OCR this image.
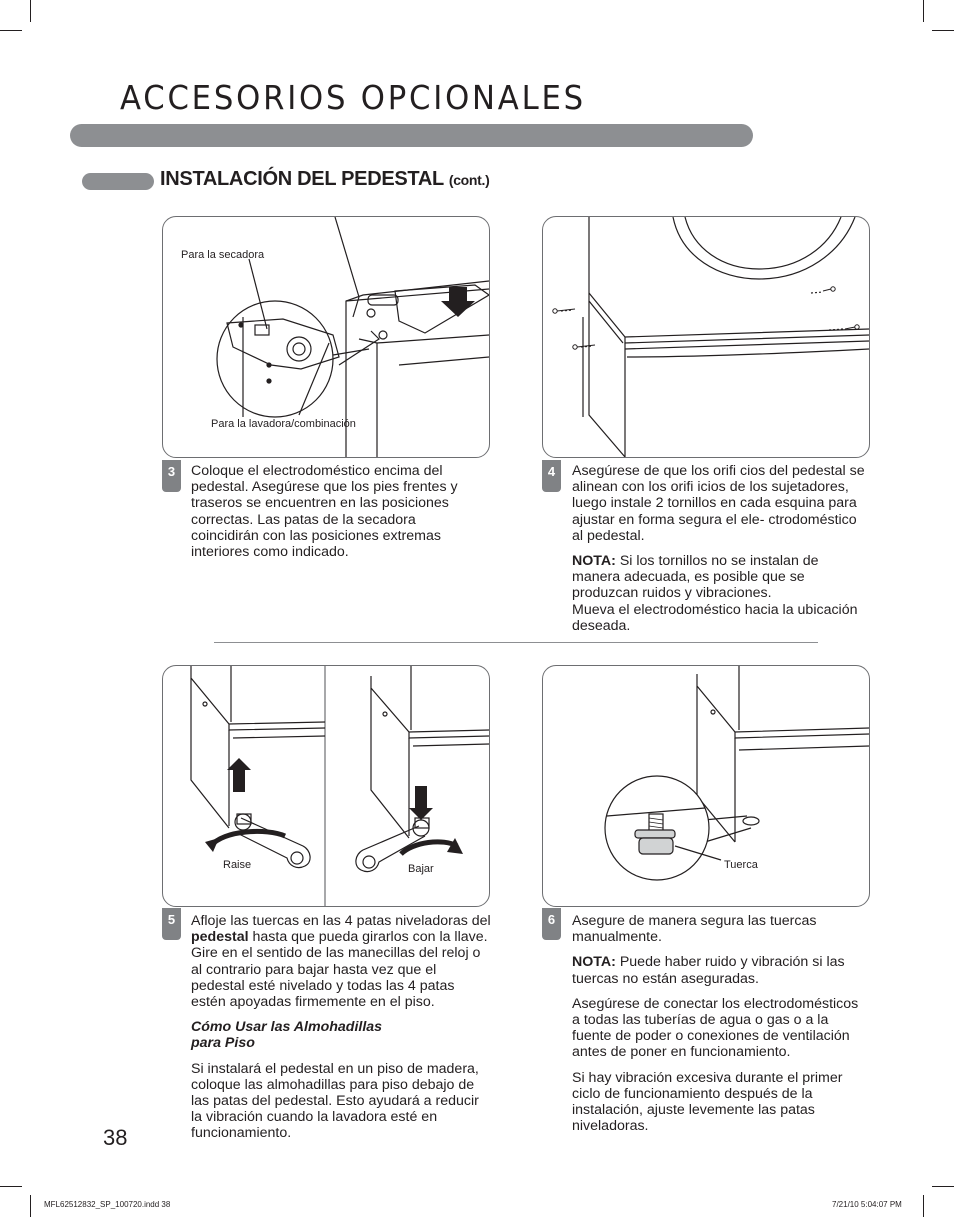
ACCESORIOS OPCIONALES
INSTALACIÓN DEL PEDESTAL (cont.)
Para la secadora
Para la lavadora/combinación
3	Coloque el electrodoméstico encima del pedestal. Asegúrese que los pies frentes y traseros se encuentren en las posiciones correctas. Las patas de la secadora coincidirán con las posiciones extremas interiores como indicado.

4	Asegúrese de que los orifi cios del pedestal se alinean con los orifi icios de los sujetadores, luego instale 2 tornillos en cada esquina para ajustar en forma segura el ele- ctrodoméstico al pedestal.

NOTA: Si los tornillos no se instalan de manera adecuada, es posible que se produzcan ruidos y vibraciones.

Mueva el electrodoméstico hacia la ubicación deseada.

Raise	Bajar
5	Afloje las tuercas en las 4 patas niveladoras del pedestal hasta que pueda girarlos con la llave. Gire en el sentido de las manecillas del reloj o al contrario para bajar hasta vez que el pedestal esté nivelado y todas las 4 patas estén apoyadas firmemente en el piso.

Cómo Usar las Almohadillas para Piso

Si instalará el pedestal en un piso de madera, coloque las almohadillas para piso debajo de las patas del pedestal. Esto ayudará a reducir la vibración cuando la lavadora esté en funcionamiento.

Tuerca
6	Asegure de manera segura las tuercas manualmente.

NOTA: Puede haber ruido y vibración si las tuercas no están aseguradas.

Asegúrese de conectar los electrodomésticos a todas las tuberías de agua o gas o a la fuente de poder o conexiones de ventilación antes de poner en funcionamiento.

Si hay vibración excesiva durante el primer ciclo de funcionamiento después de la instalación, ajuste levemente las patas niveladoras.

38
MFL62512832_SP_100720.indd 38	7/21/10 5:04:07 PM
